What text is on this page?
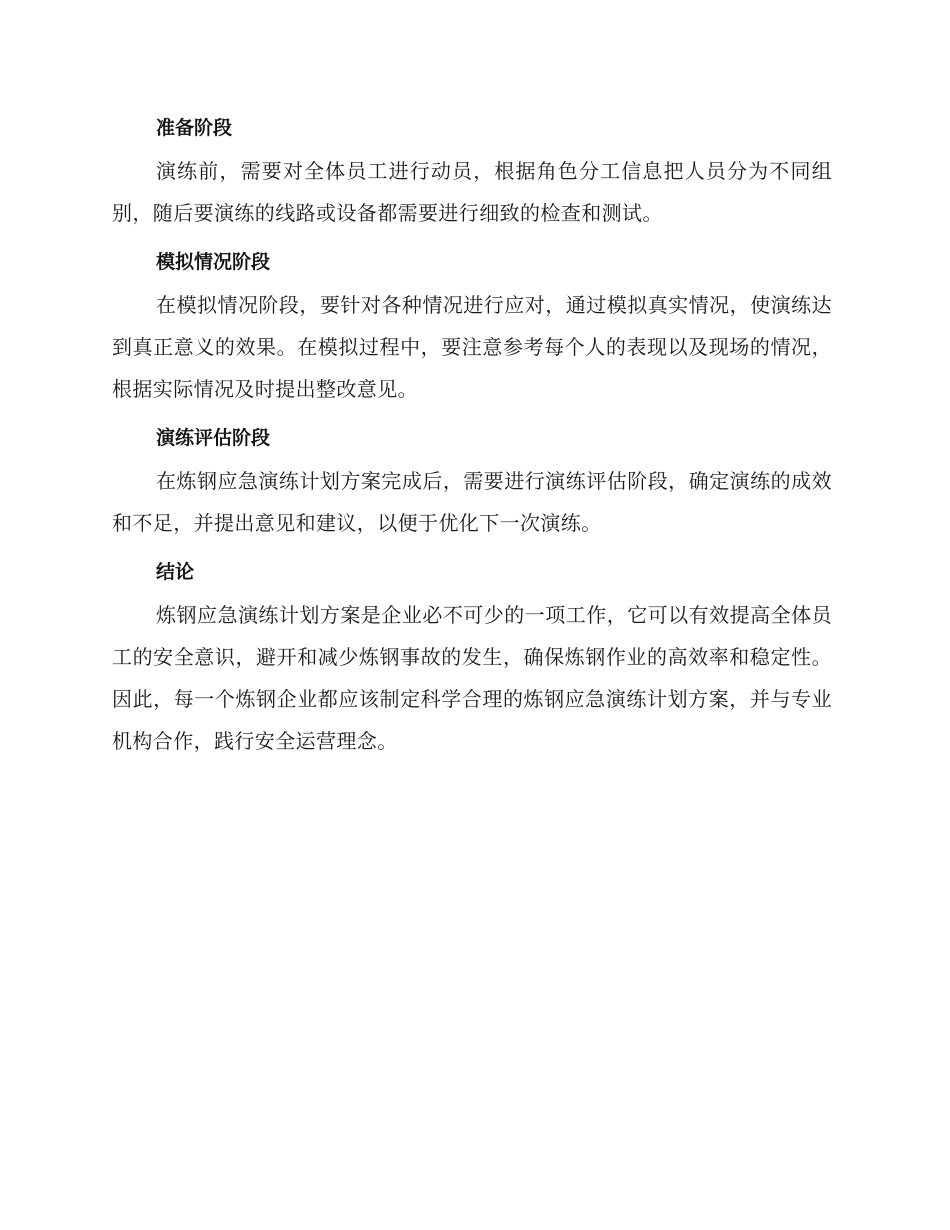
准备阶段

演练前，需要对全体员工进行动员，根据角色分工信息把人员分为不同组别，随后要演练的线路或设备都需要进行细致的检查和测试。

模拟情况阶段

在模拟情况阶段，要针对各种情况进行应对，通过模拟真实情况，使演练达到真正意义的效果。在模拟过程中，要注意参考每个人的表现以及现场的情况，根据实际情况及时提出整改意见。

演练评估阶段

在炼钢应急演练计划方案完成后，需要进行演练评估阶段，确定演练的成效和不足，并提出意见和建议，以便于优化下一次演练。

结论

炼钢应急演练计划方案是企业必不可少的一项工作，它可以有效提高全体员工的安全意识，避开和减少炼钢事故的发生，确保炼钢作业的高效率和稳定性。因此，每一个炼钢企业都应该制定科学合理的炼钢应急演练计划方案，并与专业机构合作，践行安全运营理念。
